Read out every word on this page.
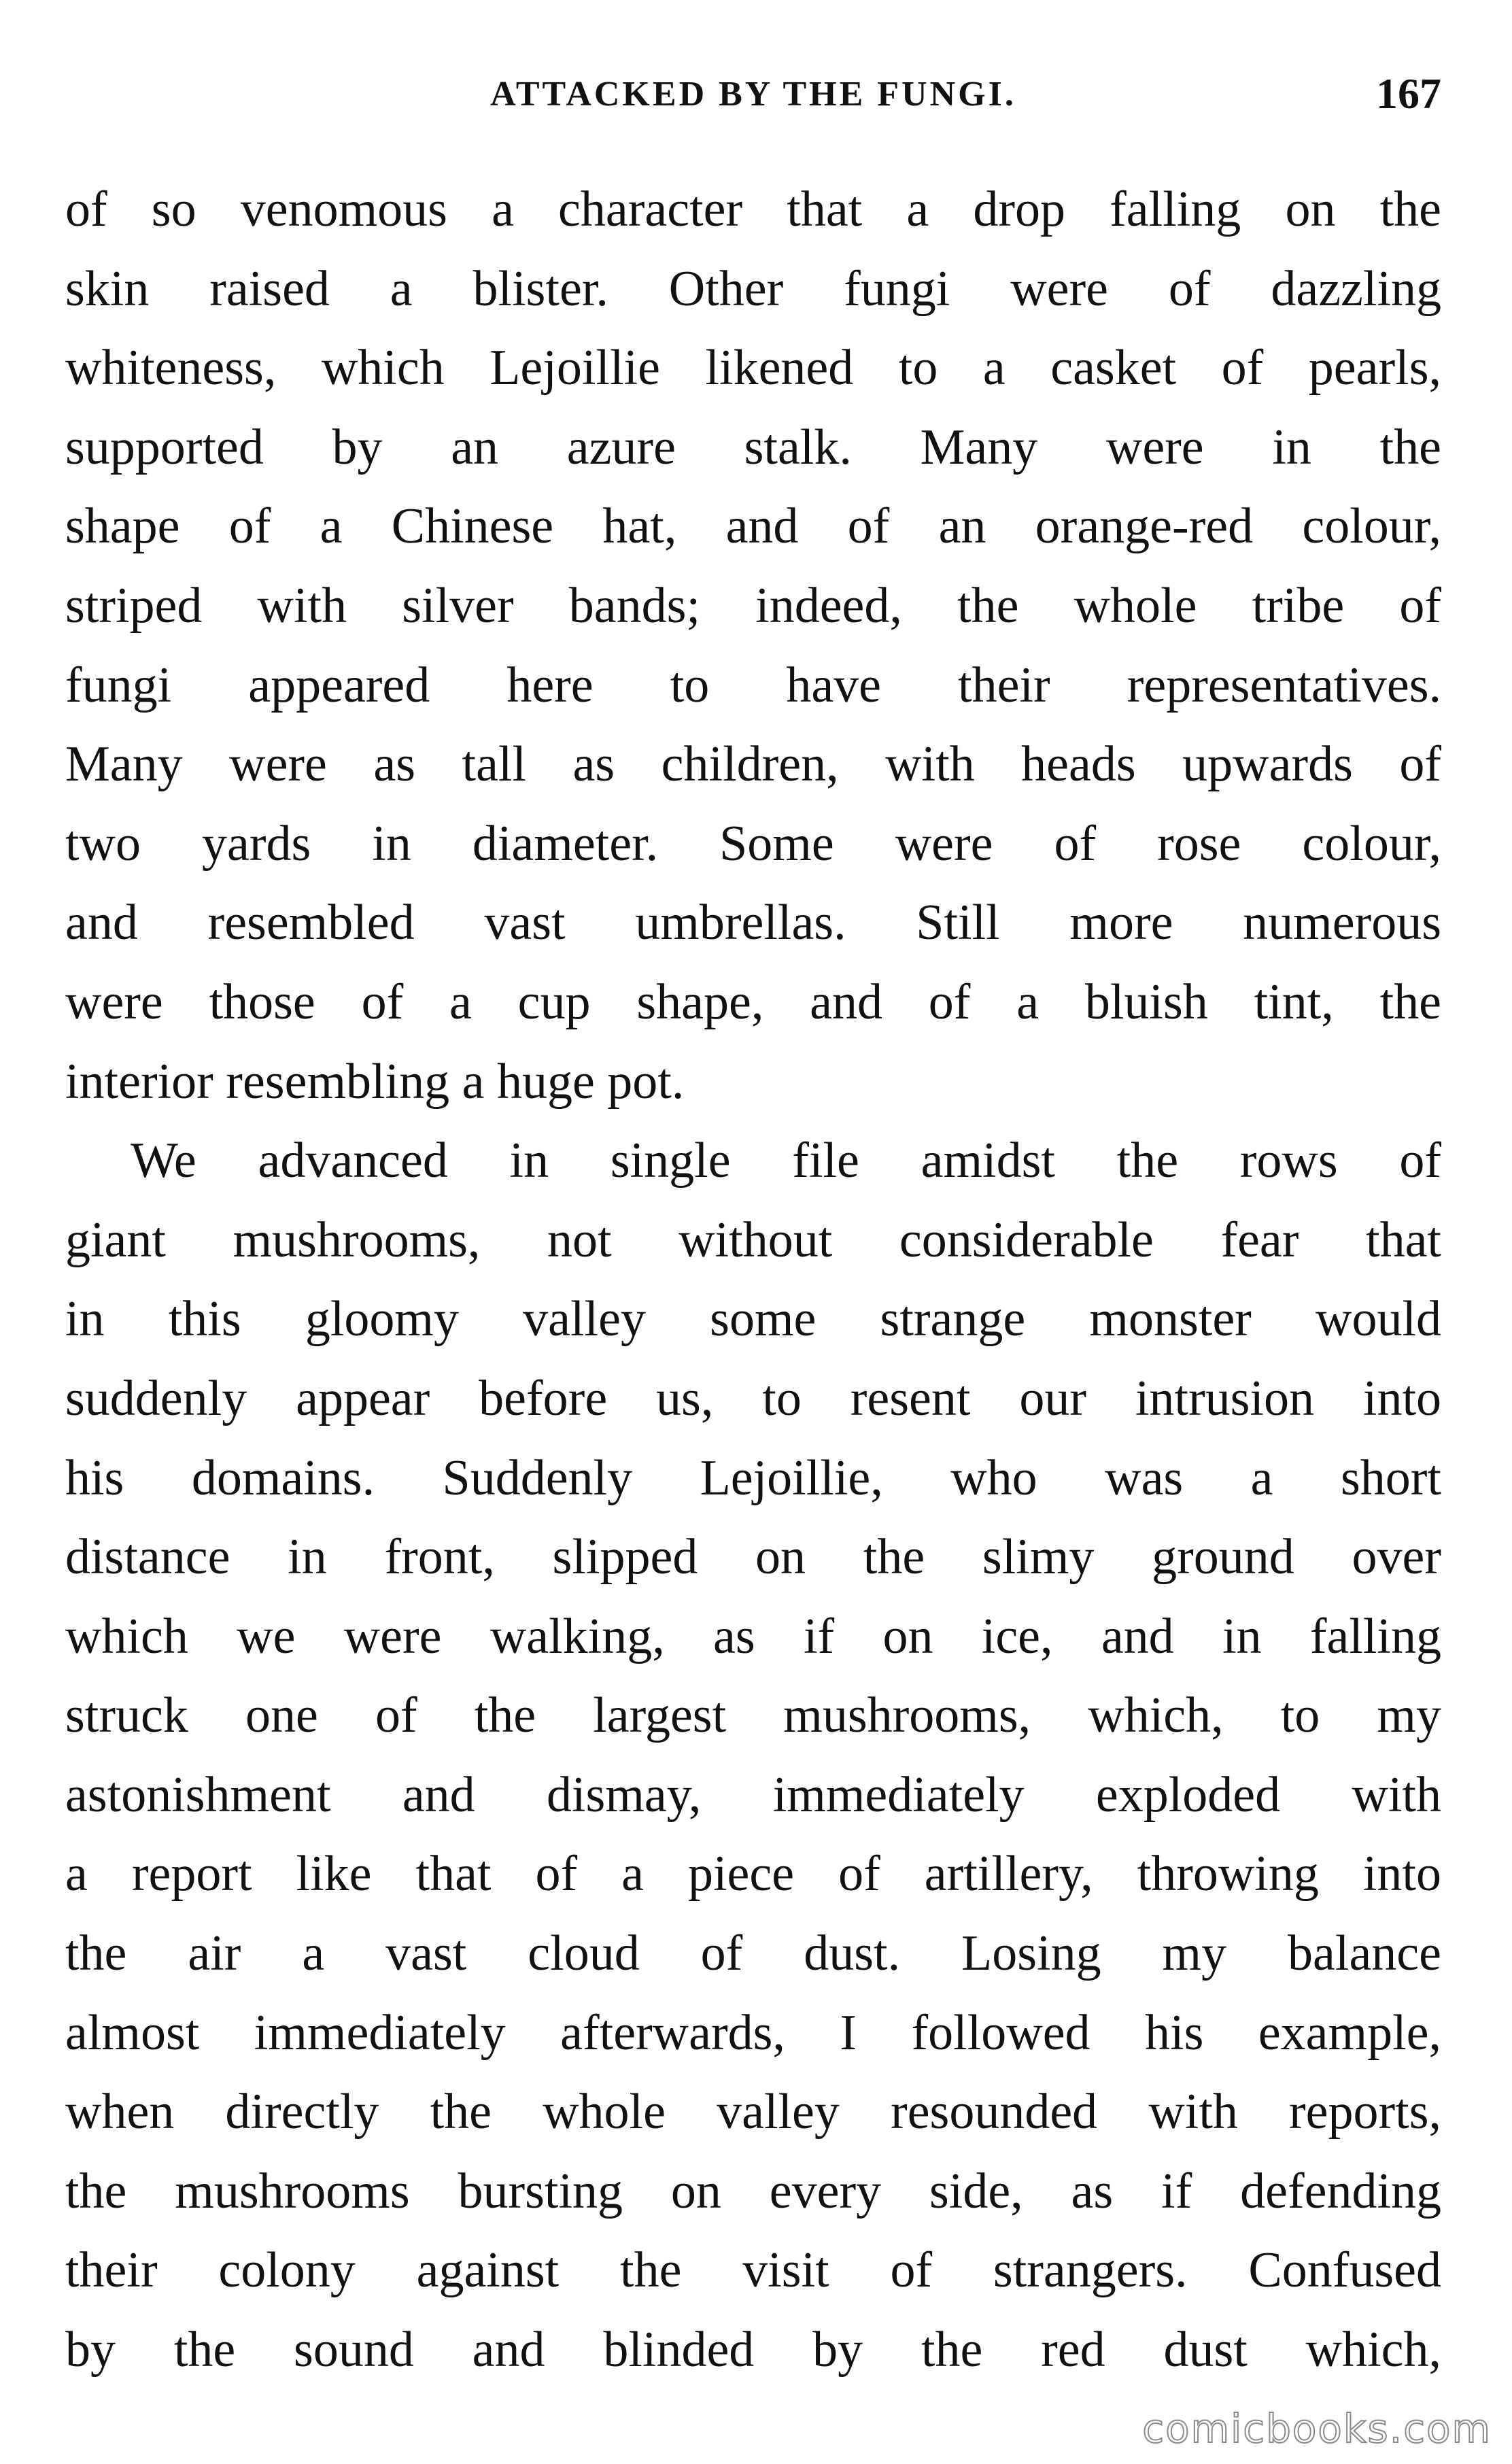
ATTACKED BY THE FUNGI.	167

of so venomous a character that a drop falling on the
skin raised a blister. Other fungi were of dazzling
whiteness, which Lejoillie likened to a casket of pearls,
supported by an azure stalk. Many were in the
shape of a Chinese hat, and of an orange-red colour,
striped with silver bands; indeed, the whole tribe of
fungi appeared here to have their representatives.
Many were as tall as children, with heads upwards of
two yards in diameter. Some were of rose colour,
and resembled vast umbrellas. Still more numerous
were those of a cup shape, and of a bluish tint, the
interior resembling a huge pot.

We advanced in single file amidst the rows of
giant mushrooms, not without considerable fear that
in this gloomy valley some strange monster would
suddenly appear before us, to resent our intrusion into
his domains. Suddenly Lejoillie, who was a short
distance in front, slipped on the slimy ground over
which we were walking, as if on ice, and in falling
struck one of the largest mushrooms, which, to my
astonishment and dismay, immediately exploded with
a report like that of a piece of artillery, throwing into
the air a vast cloud of dust. Losing my balance
almost immediately afterwards, I followed his example,
when directly the whole valley resounded with reports,
the mushrooms bursting on every side, as if defending
their colony against the visit of strangers. Confused
by the sound and blinded by the red dust which,

comicbooks.com
